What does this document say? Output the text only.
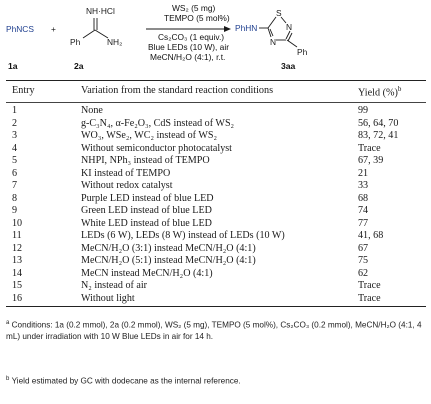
PhNCS +
NH·HCl
Ph	NH₂
WS₂ (5 mg)
TEMPO (5 mol%)
Cs₂CO₃ (1 equiv.)
Blue LEDs (10 W), air
MeCN/H₂O (4:1), r.t.
PhHN
S
N
N
Ph
1a	2a	3aa
Entry	Variation from the standard reaction conditions	Yield (%)$^b$
1	None	99
2	g-C₃N₄, α-Fe₂O₃, CdS instead of WS₂	56, 64, 70
3	WO₃, WSe₂, WC₂ instead of WS₂	83, 72, 41
4	Without semiconductor photocatalyst	Trace
5	NHPI, NPh₃ instead of TEMPO	67, 39
6	KI instead of TEMPO	21
7	Without redox catalyst	33
8	Purple LED instead of blue LED	68
9	Green LED instead of blue LED	74
10	White LED instead of blue LED	77
11	LEDs (6 W), LEDs (8 W) instead of LEDs (10 W)	41, 68
12	MeCN/H₂O (3:1) instead MeCN/H₂O (4:1)	67
13	MeCN/H₂O (5:1) instead MeCN/H₂O (4:1)	75
14	MeCN instead MeCN/H₂O (4:1)	62
15	N₂ instead of air	Trace
16	Without light	Trace
$^a$ Conditions: 1a (0.2 mmol), 2a (0.2 mmol), WS₂ (5 mg), TEMPO (5 mol%), Cs₂CO₃ (0.2 mmol), MeCN/H₂O (4:1, 4 mL) under irradiation with 10 W Blue LEDs in air for 14 h.
$^b$ Yield estimated by GC with dodecane as the internal reference.
